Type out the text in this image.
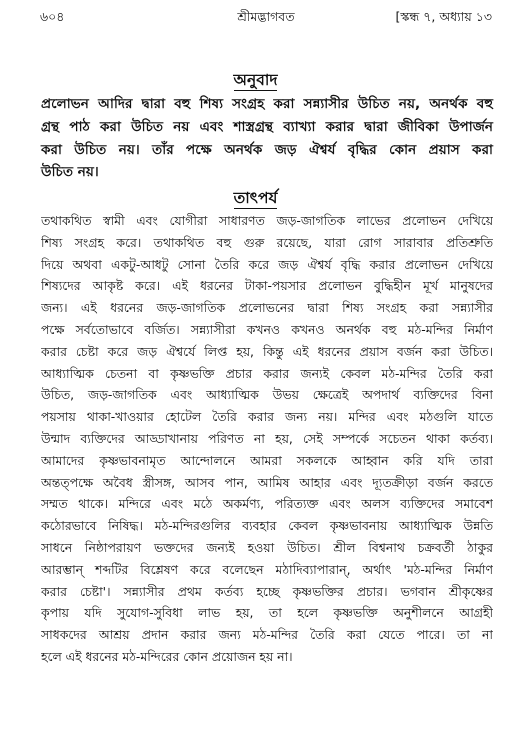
৬০৪	শ্রীমদ্ভাগবত	[স্কন্ধ ৭, অধ্যায় ১৩
অনুবাদ
প্রলোভন আদির দ্বারা বহু শিষ্য সংগ্রহ করা সন্ন্যাসীর উচিত নয়, অনর্থক বহু
গ্রন্থ পাঠ করা উচিত নয় এবং শাস্ত্রগ্রন্থ ব্যাখ্যা করার দ্বারা জীবিকা উপার্জন
করা উচিত নয়। তাঁর পক্ষে অনর্থক জড় ঐশ্বর্য বৃদ্ধির কোন প্রয়াস করা
উচিত নয়।
তাৎপর্য
তথাকথিত স্বামী এবং যোগীরা সাধারণত জড়-জাগতিক লাভের প্রলোভন দেখিয়ে
শিষ্য সংগ্রহ করে। তথাকথিত বহু গুরু রয়েছে, যারা রোগ সারাবার প্রতিশ্রুতি
দিয়ে অথবা একটু-আধটু সোনা তৈরি করে জড় ঐশ্বর্য বৃদ্ধি করার প্রলোভন দেখিয়ে
শিষ্যদের আকৃষ্ট করে। এই ধরনের টাকা-পয়সার প্রলোভন বুদ্ধিহীন মূর্খ মানুষদের
জন্য। এই ধরনের জড়-জাগতিক প্রলোভনের দ্বারা শিষ্য সংগ্রহ করা সন্ন্যাসীর
পক্ষে সর্বতোভাবে বর্জিত। সন্ন্যাসীরা কখনও কখনও অনর্থক বহু মঠ-মন্দির নির্মাণ
করার চেষ্টা করে জড় ঐশ্বর্যে লিপ্ত হয়, কিন্তু এই ধরনের প্রয়াস বর্জন করা উচিত।
আধ্যাত্মিক চেতনা বা কৃষ্ণভক্তি প্রচার করার জন্যই কেবল মঠ-মন্দির তৈরি করা
উচিত, জড়-জাগতিক এবং আধ্যাত্মিক উভয় ক্ষেত্রেই অপদার্থ ব্যক্তিদের বিনা
পয়সায় থাকা-খাওয়ার হোটেল তৈরি করার জন্য নয়। মন্দির এবং মঠগুলি যাতে
উন্মাদ ব্যক্তিদের আড্ডাখানায় পরিণত না হয়, সেই সম্পর্কে সচেতন থাকা কর্তব্য।
আমাদের কৃষ্ণভাবনামৃত আন্দোলনে আমরা সকলকে আহ্বান করি যদি তারা
অন্তত্পক্ষে অবৈধ স্ত্রীসঙ্গ, আসব পান, আমিষ আহার এবং দ্যূতক্রীড়া বর্জন করতে
সম্মত থাকে। মন্দিরে এবং মঠে অকর্মণ্য, পরিত্যক্ত এবং অলস ব্যক্তিদের সমাবেশ
কঠোরভাবে নিষিদ্ধ। মঠ-মন্দিরগুলির ব্যবহার কেবল কৃষ্ণভাবনায় আধ্যাত্মিক উন্নতি
সাধনে নিষ্ঠাপরায়ণ ভক্তদের জন্যই হওয়া উচিত। শ্রীল বিশ্বনাথ চক্রবর্তী ঠাকুর
আরম্ভান্ শব্দটির বিশ্লেষণ করে বলেছেন মঠাদিব্যাপারান্, অর্থাৎ 'মঠ-মন্দির নির্মাণ
করার চেষ্টা'। সন্ন্যাসীর প্রথম কর্তব্য হচ্ছে কৃষ্ণভক্তির প্রচার। ভগবান শ্রীকৃষ্ণের
কৃপায় যদি সুযোগ-সুবিধা লাভ হয়, তা হলে কৃষ্ণভক্তি অনুশীলনে আগ্রহী
সাধকদের আশ্রয় প্রদান করার জন্য মঠ-মন্দির তৈরি করা যেতে পারে। তা না
হলে এই ধরনের মঠ-মন্দিরের কোন প্রয়োজন হয় না।
